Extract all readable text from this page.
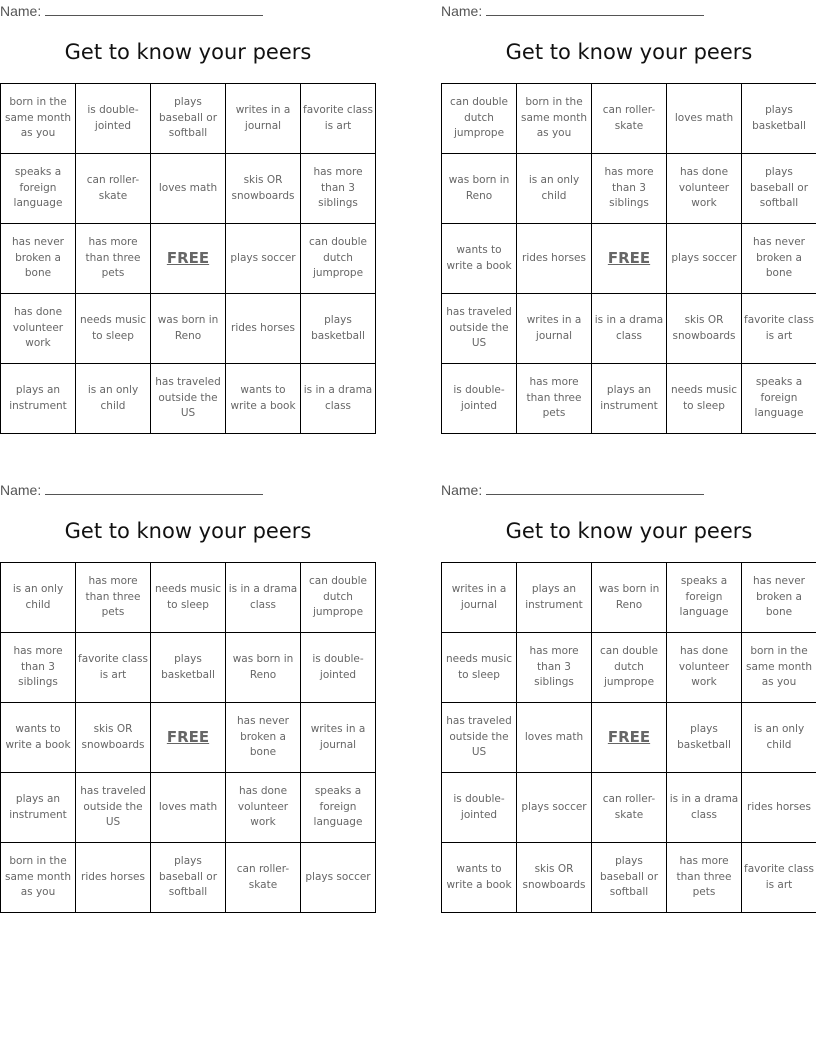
Name:
Get to know your peers
born in the same month as you	is double-jointed	plays baseball or softball	writes in a journal	favorite class is art
speaks a foreign language	can roller-skate	loves math	skis OR snowboards	has more than 3 siblings
has never broken a bone	has more than three pets	FREE	plays soccer	can double dutch jumprope
has done volunteer work	needs music to sleep	was born in Reno	rides horses	plays basketball
plays an instrument	is an only child	has traveled outside the US	wants to write a book	is in a drama class
Name:
Get to know your peers
can double dutch jumprope	born in the same month as you	can roller-skate	loves math	plays basketball
was born in Reno	is an only child	has more than 3 siblings	has done volunteer work	plays baseball or softball
wants to write a book	rides horses	FREE	plays soccer	has never broken a bone
has traveled outside the US	writes in a journal	is in a drama class	skis OR snowboards	favorite class is art
is double-jointed	has more than three pets	plays an instrument	needs music to sleep	speaks a foreign language
Name:
Get to know your peers
is an only child	has more than three pets	needs music to sleep	is in a drama class	can double dutch jumprope
has more than 3 siblings	favorite class is art	plays basketball	was born in Reno	is double-jointed
wants to write a book	skis OR snowboards	FREE	has never broken a bone	writes in a journal
plays an instrument	has traveled outside the US	loves math	has done volunteer work	speaks a foreign language
born in the same month as you	rides horses	plays baseball or softball	can roller-skate	plays soccer
Name:
Get to know your peers
writes in a journal	plays an instrument	was born in Reno	speaks a foreign language	has never broken a bone
needs music to sleep	has more than 3 siblings	can double dutch jumprope	has done volunteer work	born in the same month as you
has traveled outside the US	loves math	FREE	plays basketball	is an only child
is double-jointed	plays soccer	can roller-skate	is in a drama class	rides horses
wants to write a book	skis OR snowboards	plays baseball or softball	has more than three pets	favorite class is art
